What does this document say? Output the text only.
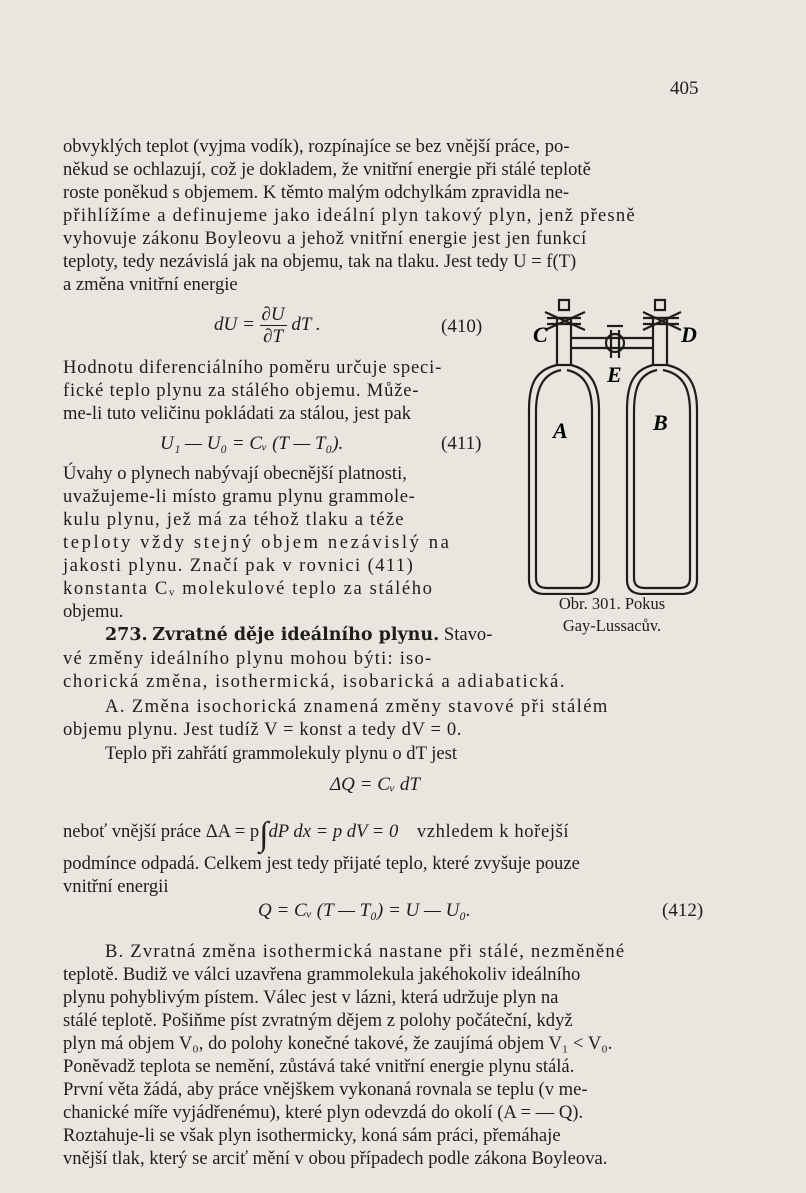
405
obvyklých teplot (vyjma vodík), rozpínajíce se bez vnější práce, po-
někud se ochlazují, což je dokladem, že vnitřní energie při stálé teplotě
roste poněkud s objemem. K těmto malým odchylkám zpravidla ne-
přihlížíme a definujeme jako ideální plyn takový plyn, jenž přesně
vyhovuje zákonu Boyleovu a jehož vnitřní energie jest jen funkcí
teploty, tedy nezávislá jak na objemu, tak na tlaku. Jest tedy U = f(T)
a změna vnitřní energie
dU = $\frac{\partial U}{\partial T}$ dT .	(410)
Hodnotu diferenciálního poměru určuje speci-
fické teplo plynu za stálého objemu. Může-
me-li tuto veličinu pokládati za stálou, jest pak
U₁ — U₀ = Cᵥ (T — T₀).	(411)
Úvahy o plynech nabývají obecnější platnosti,
uvažujeme-li místo gramu plynu grammole-
kulu plynu, jež má za téhož tlaku a téže
teploty vždy stejný objem nezávislý na
jakosti plynu. Značí pak v rovnici (411)
konstanta Cᵥ molekulové teplo za stálého
objemu.
273. Zvratné děje ideálního plynu. Stavo-
vé změny ideálního plynu mohou býti: iso-
chorická změna, isothermická, isobarická a adiabatická.
A. Změna isochorická znamená změny stavové při stálém
objemu plynu. Jest tudíž V = konst a tedy dV = 0.
Teplo při zahřátí grammolekuly plynu o dT jest
ΔQ = Cᵥ dT
neboť vnější práce ΔA = p∫dP dx = p dV = 0 vzhledem k hořejší
podmínce odpadá. Celkem jest tedy přijaté teplo, které zvyšuje pouze
vnitřní energii
Q = Cᵥ (T — T₀) = U — U₀.	(412)
B. Zvratná změna isothermická nastane při stálé, nezměněné
teplotě. Budiž ve válci uzavřena grammolekula jakéhokoliv ideálního
plynu pohyblivým pístem. Válec jest v lázni, která udržuje plyn na
stálé teplotě. Pošiňme píst zvratným dějem z polohy počáteční, když
plyn má objem V₀, do polohy konečné takové, že zaujímá objem V₁ < V₀.
Poněvadž teplota se nemění, zůstává také vnitřní energie plynu stálá.
První věta žádá, aby práce vnějškem vykonaná rovnala se teplu (v me-
chanické míře vyjádřenému), které plyn odevzdá do okolí (A = — Q).
Roztahuje-li se však plyn isothermicky, koná sám práci, přemáhaje
vnější tlak, který se arciť mění v obou případech podle zákona Boyleova.
C	D
E
A	B
Obr. 301. Pokus
Gay-Lussacův.
